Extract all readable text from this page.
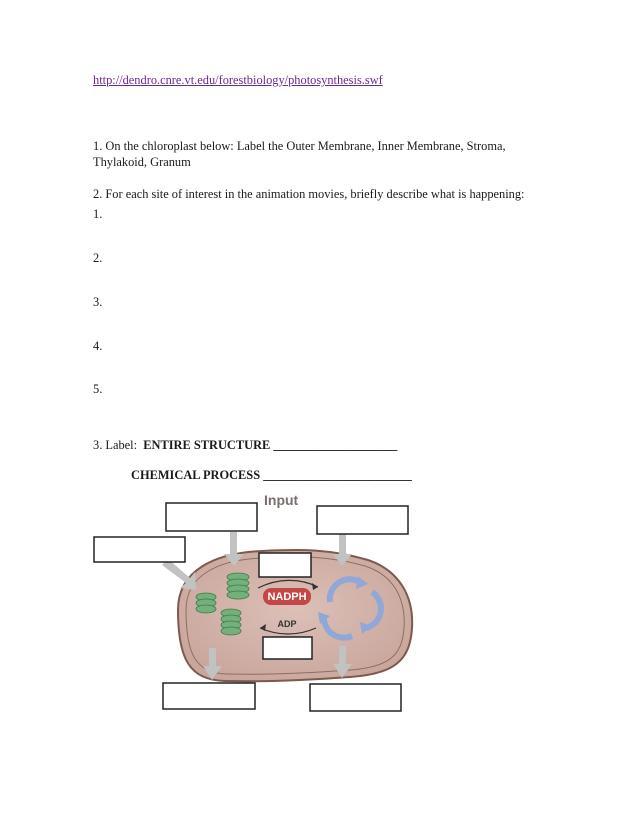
http://dendro.cnre.vt.edu/forestbiology/photosynthesis.swf
1. On the chloroplast below: Label the Outer Membrane, Inner Membrane, Stroma,
Thylakoid, Granum
2. For each site of interest in the animation movies, briefly describe what is happening:
1.
2.
3.
4.
5.
3. Label: ENTIRE STRUCTURE ____________________
CHEMICAL PROCESS ________________________
Input
NADPH
ADP
